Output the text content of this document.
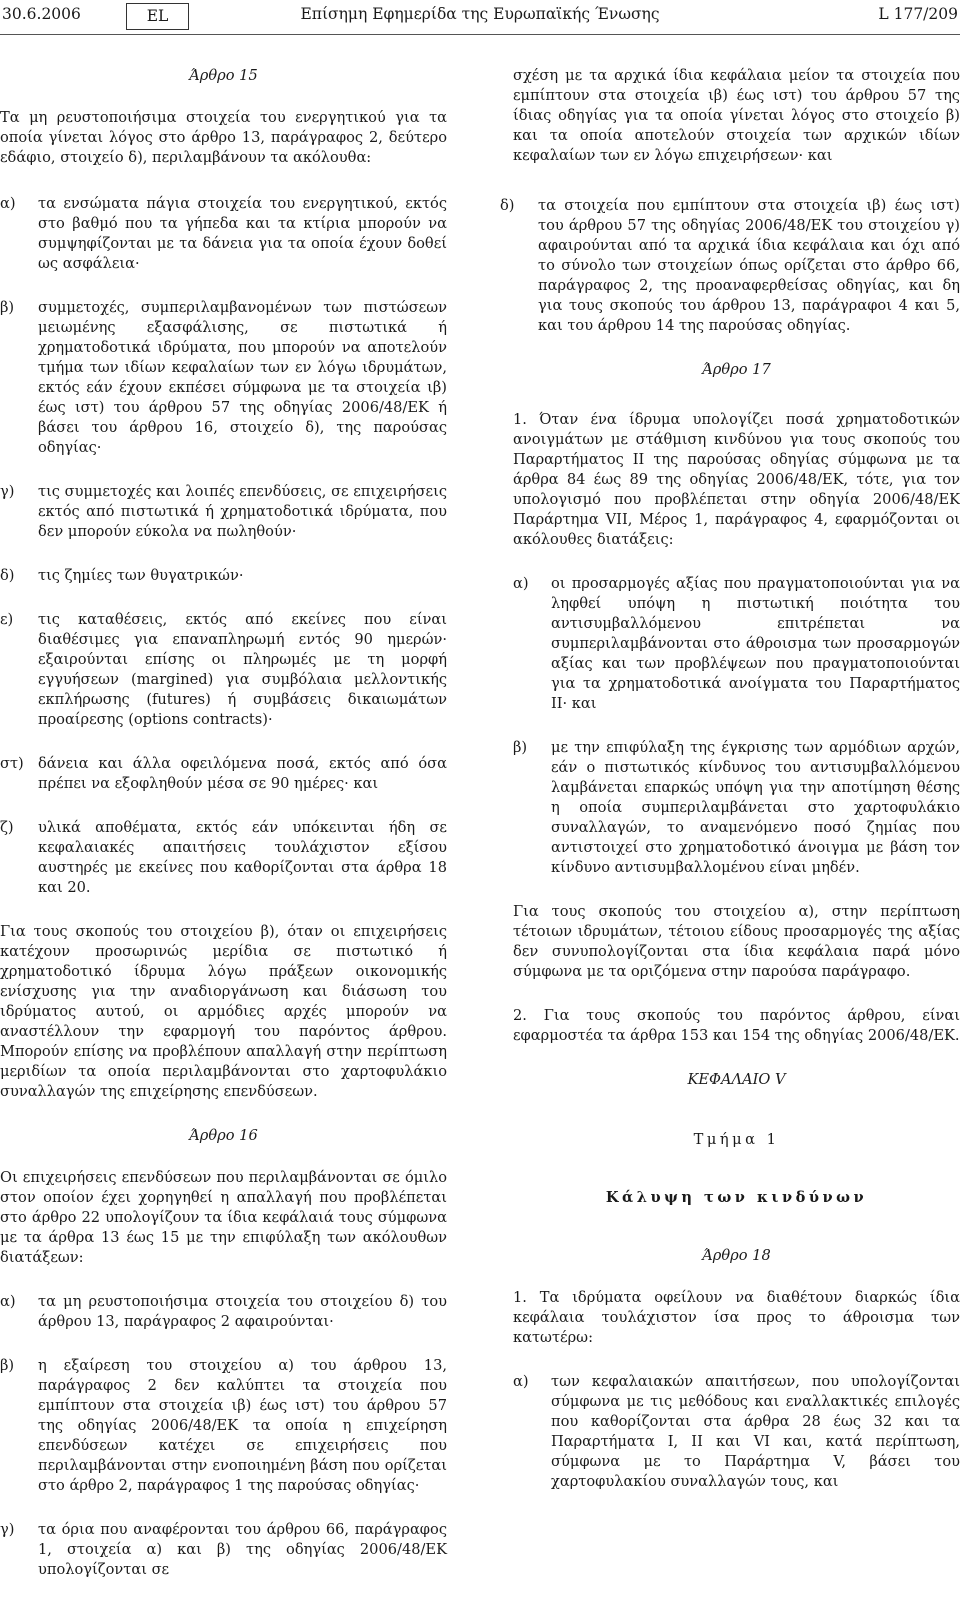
30.6.2006	EL	Επίσημη Εφημερίδα της Ευρωπαϊκής Ένωσης	L 177/209
Άρθρο 15

Τα μη ρευστοποιήσιμα στοιχεία του ενεργητικού για τα οποία γίνεται λόγος στο άρθρο 13, παράγραφος 2, δεύτερο εδάφιο, στοιχείο δ), περιλαμβάνουν τα ακόλουθα:

α)	τα ενσώματα πάγια στοιχεία του ενεργητικού, εκτός στο βαθμό που τα γήπεδα και τα κτίρια μπορούν να συμψηφίζονται με τα δάνεια για τα οποία έχουν δοθεί ως ασφάλεια·
β)	συμμετοχές, συμπεριλαμβανομένων των πιστώσεων μειωμένης εξασφάλισης, σε πιστωτικά ή χρηματοδοτικά ιδρύματα, που μπορούν να αποτελούν τμήμα των ιδίων κεφαλαίων των εν λόγω ιδρυμάτων, εκτός εάν έχουν εκπέσει σύμφωνα με τα στοιχεία ιβ) έως ιστ) του άρθρου 57 της οδηγίας 2006/48/ΕΚ ή βάσει του άρθρου 16, στοιχείο δ), της παρούσας οδηγίας·
γ)	τις συμμετοχές και λοιπές επενδύσεις, σε επιχειρήσεις εκτός από πιστωτικά ή χρηματοδοτικά ιδρύματα, που δεν μπορούν εύκολα να πωληθούν·
δ)	τις ζημίες των θυγατρικών·
ε)	τις καταθέσεις, εκτός από εκείνες που είναι διαθέσιμες για επαναπληρωμή εντός 90 ημερών· εξαιρούνται επίσης οι πληρωμές με τη μορφή εγγυήσεων (margined) για συμβόλαια μελλοντικής εκπλήρωσης (futures) ή συμβάσεις δικαιωμάτων προαίρεσης (options contracts)·
στ) δάνεια και άλλα οφειλόμενα ποσά, εκτός από όσα πρέπει να εξοφληθούν μέσα σε 90 ημέρες· και
ζ)	υλικά αποθέματα, εκτός εάν υπόκεινται ήδη σε κεφαλαιακές απαιτήσεις τουλάχιστον εξίσου αυστηρές με εκείνες που καθορίζονται στα άρθρα 18 και 20.

Για τους σκοπούς του στοιχείου β), όταν οι επιχειρήσεις κατέχουν προσωρινώς μερίδια σε πιστωτικό ή χρηματοδοτικό ίδρυμα λόγω πράξεων οικονομικής ενίσχυσης για την αναδιοργάνωση και διάσωση του ιδρύματος αυτού, οι αρμόδιες αρχές μπορούν να αναστέλλουν την εφαρμογή του παρόντος άρθρου. Μπορούν επίσης να προβλέπουν απαλλαγή στην περίπτωση μεριδίων τα οποία περιλαμβάνονται στο χαρτοφυλάκιο συναλλαγών της επιχείρησης επενδύσεων.

Άρθρο 16

Οι επιχειρήσεις επενδύσεων που περιλαμβάνονται σε όμιλο στον οποίον έχει χορηγηθεί η απαλλαγή που προβλέπεται στο άρθρο 22 υπολογίζουν τα ίδια κεφάλαιά τους σύμφωνα με τα άρθρα 13 έως 15 με την επιφύλαξη των ακόλουθων διατάξεων:

α)	τα μη ρευστοποιήσιμα στοιχεία του στοιχείου δ) του άρθρου 13, παράγραφος 2 αφαιρούνται·
β)	η εξαίρεση του στοιχείου α) του άρθρου 13, παράγραφος 2 δεν καλύπτει τα στοιχεία που εμπίπτουν στα στοιχεία ιβ) έως ιστ) του άρθρου 57 της οδηγίας 2006/48/ΕΚ τα οποία η επιχείρηση επενδύσεων κατέχει σε επιχειρήσεις που περιλαμβάνονται στην ενοποιημένη βάση που ορίζεται στο άρθρο 2, παράγραφος 1 της παρούσας οδηγίας·
γ)	τα όρια που αναφέρονται του άρθρου 66, παράγραφος 1, στοιχεία α) και β) της οδηγίας 2006/48/ΕΚ υπολογίζονται σε

σχέση με τα αρχικά ίδια κεφάλαια μείον τα στοιχεία που εμπίπτουν στα στοιχεία ιβ) έως ιστ) του άρθρου 57 της ίδιας οδηγίας για τα οποία γίνεται λόγος στο στοιχείο β) και τα οποία αποτελούν στοιχεία των αρχικών ιδίων κεφαλαίων των εν λόγω επιχειρήσεων· και

δ)	τα στοιχεία που εμπίπτουν στα στοιχεία ιβ) έως ιστ) του άρθρου 57 της οδηγίας 2006/48/ΕΚ του στοιχείου γ) αφαιρούνται από τα αρχικά ίδια κεφάλαια και όχι από το σύνολο των στοιχείων όπως ορίζεται στο άρθρο 66, παράγραφος 2, της προαναφερθείσας οδηγίας, και δη για τους σκοπούς του άρθρου 13, παράγραφοι 4 και 5, και του άρθρου 14 της παρούσας οδηγίας.
Άρθρο 17

1. Όταν ένα ίδρυμα υπολογίζει ποσά χρηματοδοτικών ανοιγμάτων με στάθμιση κινδύνου για τους σκοπούς του Παραρτήματος ΙΙ της παρούσας οδηγίας σύμφωνα με τα άρθρα 84 έως 89 της οδηγίας 2006/48/ΕΚ, τότε, για τον υπολογισμό που προβλέπεται στην οδηγία 2006/48/ΕΚ Παράρτημα VII, Μέρος 1, παράγραφος 4, εφαρμόζονται οι ακόλουθες διατάξεις:

α)	οι προσαρμογές αξίας που πραγματοποιούνται για να ληφθεί υπόψη η πιστωτική ποιότητα του αντισυμβαλλόμενου επιτρέπεται να συμπεριλαμβάνονται στο άθροισμα των προσαρμογών αξίας και των προβλέψεων που πραγματοποιούνται για τα χρηματοδοτικά ανοίγματα του Παραρτήματος ΙΙ· και
β)	με την επιφύλαξη της έγκρισης των αρμόδιων αρχών, εάν ο πιστωτικός κίνδυνος του αντισυμβαλλόμενου λαμβάνεται επαρκώς υπόψη για την αποτίμηση θέσης η οποία συμπεριλαμβάνεται στο χαρτοφυλάκιο συναλλαγών, το αναμενόμενο ποσό ζημίας που αντιστοιχεί στο χρηματοδοτικό άνοιγμα με βάση τον κίνδυνο αντισυμβαλλομένου είναι μηδέν.

Για τους σκοπούς του στοιχείου α), στην περίπτωση τέτοιων ιδρυμάτων, τέτοιου είδους προσαρμογές της αξίας δεν συνυπολογίζονται στα ίδια κεφάλαια παρά μόνο σύμφωνα με τα οριζόμενα στην παρούσα παράγραφο.

2. Για τους σκοπούς του παρόντος άρθρου, είναι εφαρμοστέα τα άρθρα 153 και 154 της οδηγίας 2006/48/ΕΚ.

ΚΕΦΑΛΑΙΟ V
Τμήμα 1
Κάλυψη των κινδύνων
Άρθρο 18

1. Τα ιδρύματα οφείλουν να διαθέτουν διαρκώς ίδια κεφάλαια τουλάχιστον ίσα προς το άθροισμα των κατωτέρω:

α)	των κεφαλαιακών απαιτήσεων, που υπολογίζονται σύμφωνα με τις μεθόδους και εναλλακτικές επιλογές που καθορίζονται στα άρθρα 28 έως 32 και τα Παραρτήματα Ι, ΙΙ και VI και, κατά περίπτωση, σύμφωνα με το Παράρτημα V, βάσει του χαρτοφυλακίου συναλλαγών τους, και
